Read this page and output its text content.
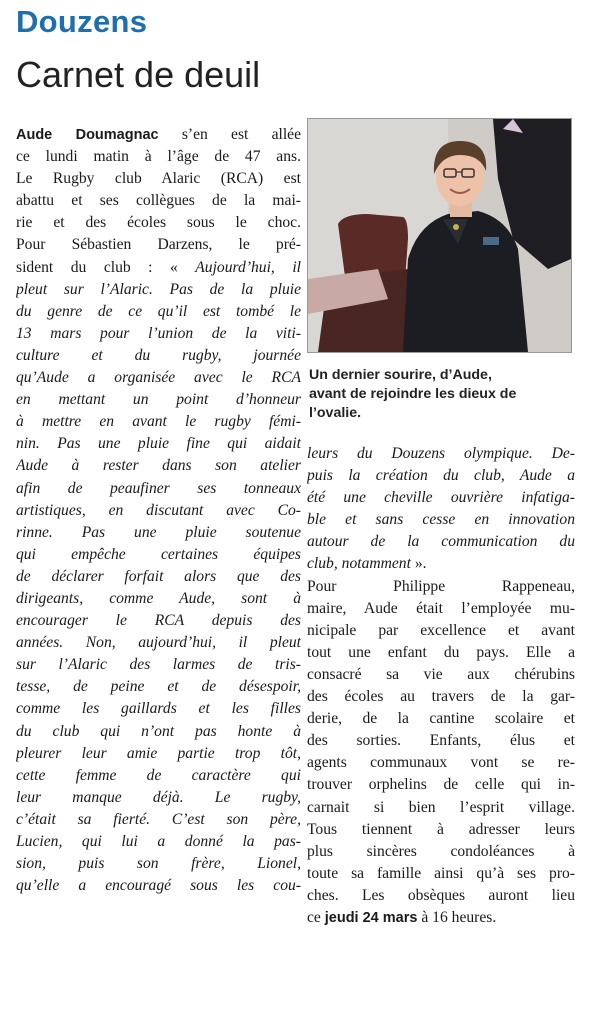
Douzens
Carnet de deuil
Aude Doumagnac s’en est allée
ce lundi matin à l’âge de 47 ans.
Le Rugby club Alaric (RCA) est
abattu et ses collègues de la mai-
rie et des écoles sous le choc.
Pour Sébastien Darzens, le pré-
sident du club : « Aujourd’hui, il
pleut sur l’Alaric. Pas de la pluie
du genre de ce qu’il est tombé le
13 mars pour l’union de la viti-
culture et du rugby, journée
qu’Aude a organisée avec le RCA
en mettant un point d’honneur
à mettre en avant le rugby fémi-
nin. Pas une pluie fine qui aidait
Aude à rester dans son atelier
afin de peaufiner ses tonneaux
artistiques, en discutant avec Co-
rinne. Pas une pluie soutenue
qui empêche certaines équipes
de déclarer forfait alors que des
dirigeants, comme Aude, sont à
encourager le RCA depuis des
années. Non, aujourd’hui, il pleut
sur l’Alaric des larmes de tris-
tesse, de peine et de désespoir,
comme les gaillards et les filles
du club qui n’ont pas honte à
pleurer leur amie partie trop tôt,
cette femme de caractère qui
leur manque déjà. Le rugby,
c’était sa fierté. C’est son père,
Lucien, qui lui a donné la pas-
sion, puis son frère, Lionel,
qu’elle a encouragé sous les cou-
Un dernier sourire, d’Aude,
avant de rejoindre les dieux de
l’ovalie.
leurs du Douzens olympique. De-
puis la création du club, Aude a
été une cheville ouvrière infatiga-
ble et sans cesse en innovation
autour de la communication du
club, notamment ».
Pour Philippe Rappeneau,
maire, Aude était l’employée mu-
nicipale par excellence et avant
tout une enfant du pays. Elle a
consacré sa vie aux chérubins
des écoles au travers de la gar-
derie, de la cantine scolaire et
des sorties. Enfants, élus et
agents communaux vont se re-
trouver orphelins de celle qui in-
carnait si bien l’esprit village.
Tous tiennent à adresser leurs
plus sincères condoléances à
toute sa famille ainsi qu’à ses pro-
ches. Les obsèques auront lieu
ce jeudi 24 mars à 16 heures.
